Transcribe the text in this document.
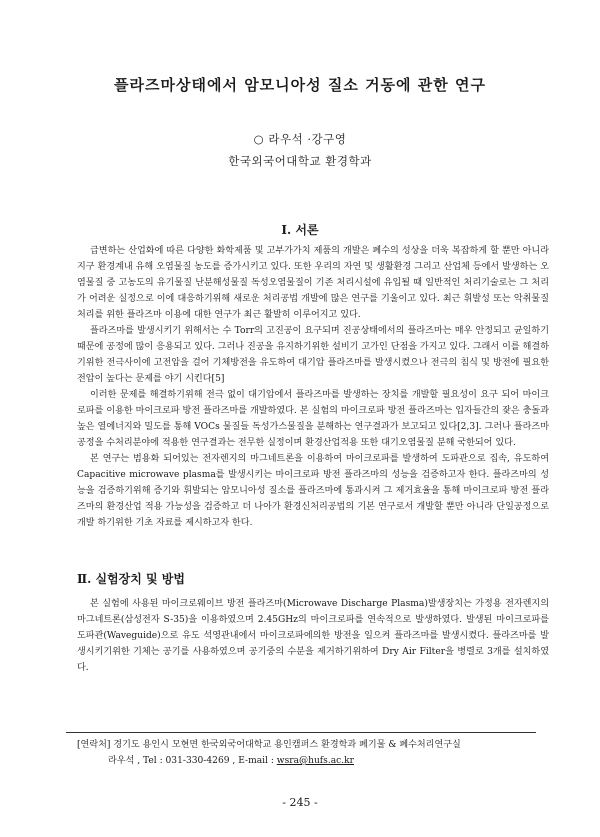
플라즈마상태에서 암모니아성 질소 거동에 관한 연구
○ 라우석 ·강구영
한국외국어대학교 환경학과
I. 서론

급변하는 산업화에 따른 다양한 화학제품 및 고부가가치 제품의 개발은 폐수의 성상을 더욱 복잡하게 할 뿐만 아니라 지구 환경계내 유해 오염물질 농도를 증가시키고 있다. 또한 우리의 자연 및 생활환경 그리고 산업체 등에서 발생하는 오염물질 중 고농도의 유기물질 난분해성물질 독성오염물질이 기존 처리시설에 유입될 때 일반적인 처리기술로는 그 처리가 어려운 실정으로 이에 대응하기위해 새로운 처리공법 개발에 많은 연구를 기울이고 있다. 최근 휘발성 또는 악취물질 처리를 위한 플라즈마 이용에 대한 연구가 최근 활발히 이루어지고 있다.

플라즈마를 발생시키기 위해서는 수 Torr의 고진공이 요구되며 진공상태에서의 플라즈마는 매우 안정되고 균일하기 때문에 공정에 많이 응용되고 있다. 그러나 진공을 유지하기위한 설비기 고가인 단점을 가지고 있다. 그래서 이를 해결하기위한 전극사이에 고전압을 걸어 기체방전을 유도하여 대기압 플라즈마를 발생시켰으나 전극의 침식 및 방전에 필요한 전압이 높다는 문제를 야기 시킨다[5]

이러한 문제를 해결하기위해 전극 없이 대기압에서 플라즈마를 발생하는 장치를 개발할 필요성이 요구 되어 마이크로파를 이용한 마이크로파 방전 플라즈마를 개발하였다. 본 실험의 마이크로파 방전 플라즈마는 입자들간의 잦은 충돌과 높은 열에너지와 밀도를 통해 VOCs 물질들 독성가스물질을 분해하는 연구결과가 보고되고 있다[2,3]. 그러나 플라즈마 공정을 수처리분야에 적용한 연구결과는 전무한 실정이며 환경산업적용 또한 대기오염물질 분해 국한되어 있다.

본 연구는 범용화 되어있는 전자렌지의 마그네트론을 이용하여 마이크로파를 발생하여 도파관으로 집속, 유도하여 Capacitive microwave plasma를 발생시키는 마이크로파 방전 플라즈마의 성능을 검증하고자 한다. 플라즈마의 성능을 검증하기위해 증기와 휘발되는 암모니아성 질소를 플라즈마에 통과시켜 그 제거효율을 통해 마이크로파 방전 플라즈마의 환경산업 적용 가능성을 검증하고 더 나아가 환경신처리공법의 기본 연구로서 개발할 뿐만 아니라 단일공정으로 개발 하기위한 기초 자료를 제시하고자 한다.

Ⅱ. 실험장치 및 방법

본 실험에 사용된 마이크로웨이브 방전 플라즈마(Microwave Discharge Plasma)발생장치는 가정용 전자렌지의 마그네트론(삼성전자 S-35)을 이용하였으며 2.45GHz의 마이크로파를 연속적으로 발생하였다. 발생된 마이크로파를 도파관(Waveguide)으로 유도 석영관내에서 마이크로파에의한 방전을 일으켜 플라즈마를 발생시켰다. 플라즈마를 발생시키기위한 기체는 공기를 사용하였으며 공기중의 수분을 제거하기위하여 Dry Air Filter을 병렬로 3개를 설치하였다.

[연락처] 경기도 용인시 모현면 한국외국어대학교 용인캠퍼스 환경학과 폐기물 & 폐수처리연구실
라우석 , Tel : 031-330-4269 , E-mail : wsra@hufs.ac.kr
- 245 -
